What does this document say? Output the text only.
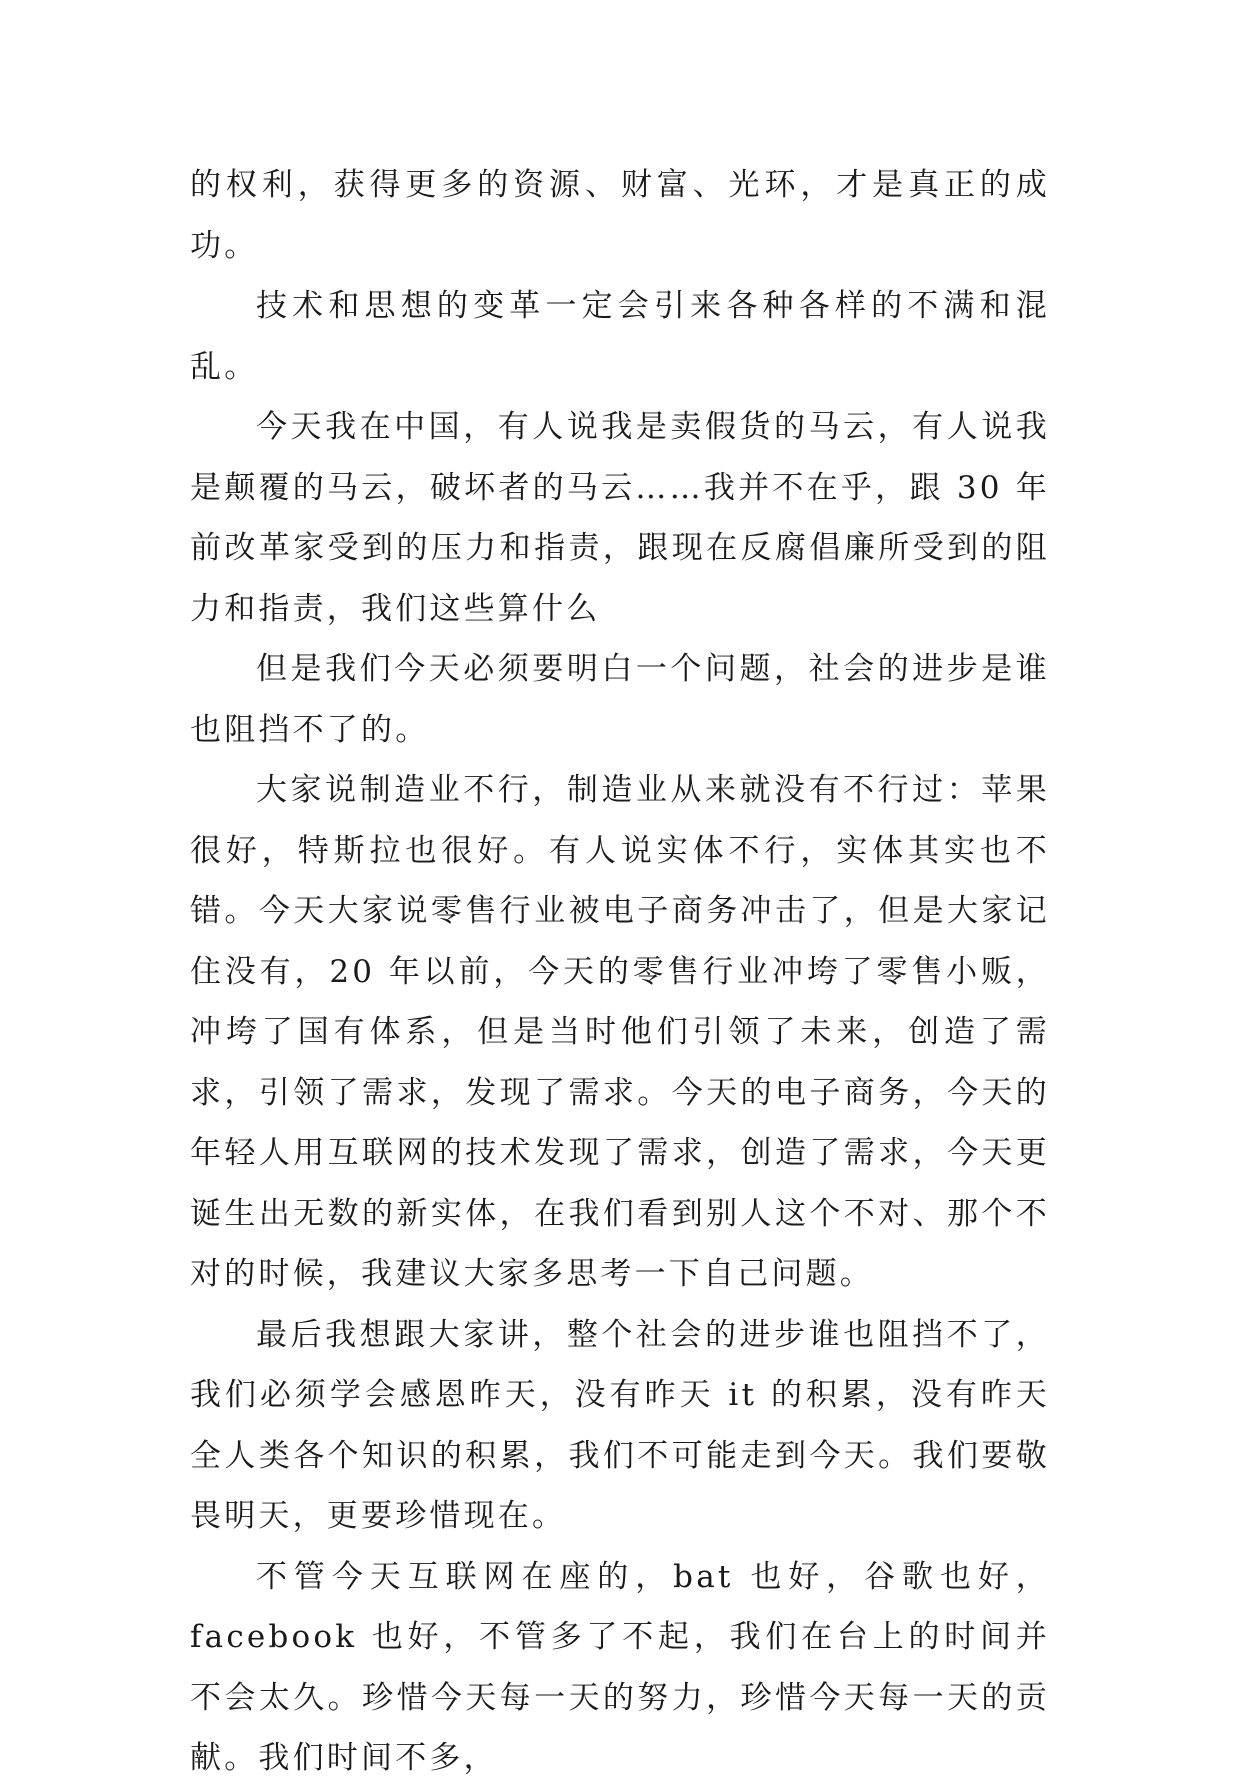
的权利，获得更多的资源、财富、光环，才是真正的成功。

技术和思想的变革一定会引来各种各样的不满和混乱。

今天我在中国，有人说我是卖假货的马云，有人说我是颠覆的马云，破坏者的马云……我并不在乎，跟 30 年前改革家受到的压力和指责，跟现在反腐倡廉所受到的阻力和指责，我们这些算什么

但是我们今天必须要明白一个问题，社会的进步是谁也阻挡不了的。

大家说制造业不行，制造业从来就没有不行过：苹果很好，特斯拉也很好。有人说实体不行，实体其实也不错。今天大家说零售行业被电子商务冲击了，但是大家记住没有，20 年以前，今天的零售行业冲垮了零售小贩，冲垮了国有体系，但是当时他们引领了未来，创造了需求，引领了需求，发现了需求。今天的电子商务，今天的年轻人用互联网的技术发现了需求，创造了需求，今天更诞生出无数的新实体，在我们看到别人这个不对、那个不对的时候，我建议大家多思考一下自己问题。

最后我想跟大家讲，整个社会的进步谁也阻挡不了，我们必须学会感恩昨天，没有昨天 it 的积累，没有昨天全人类各个知识的积累，我们不可能走到今天。我们要敬畏明天，更要珍惜现在。

不管今天互联网在座的，bat 也好，谷歌也好，facebook 也好，不管多了不起，我们在台上的时间并不会太久。珍惜今天每一天的努力，珍惜今天每一天的贡献。我们时间不多，
